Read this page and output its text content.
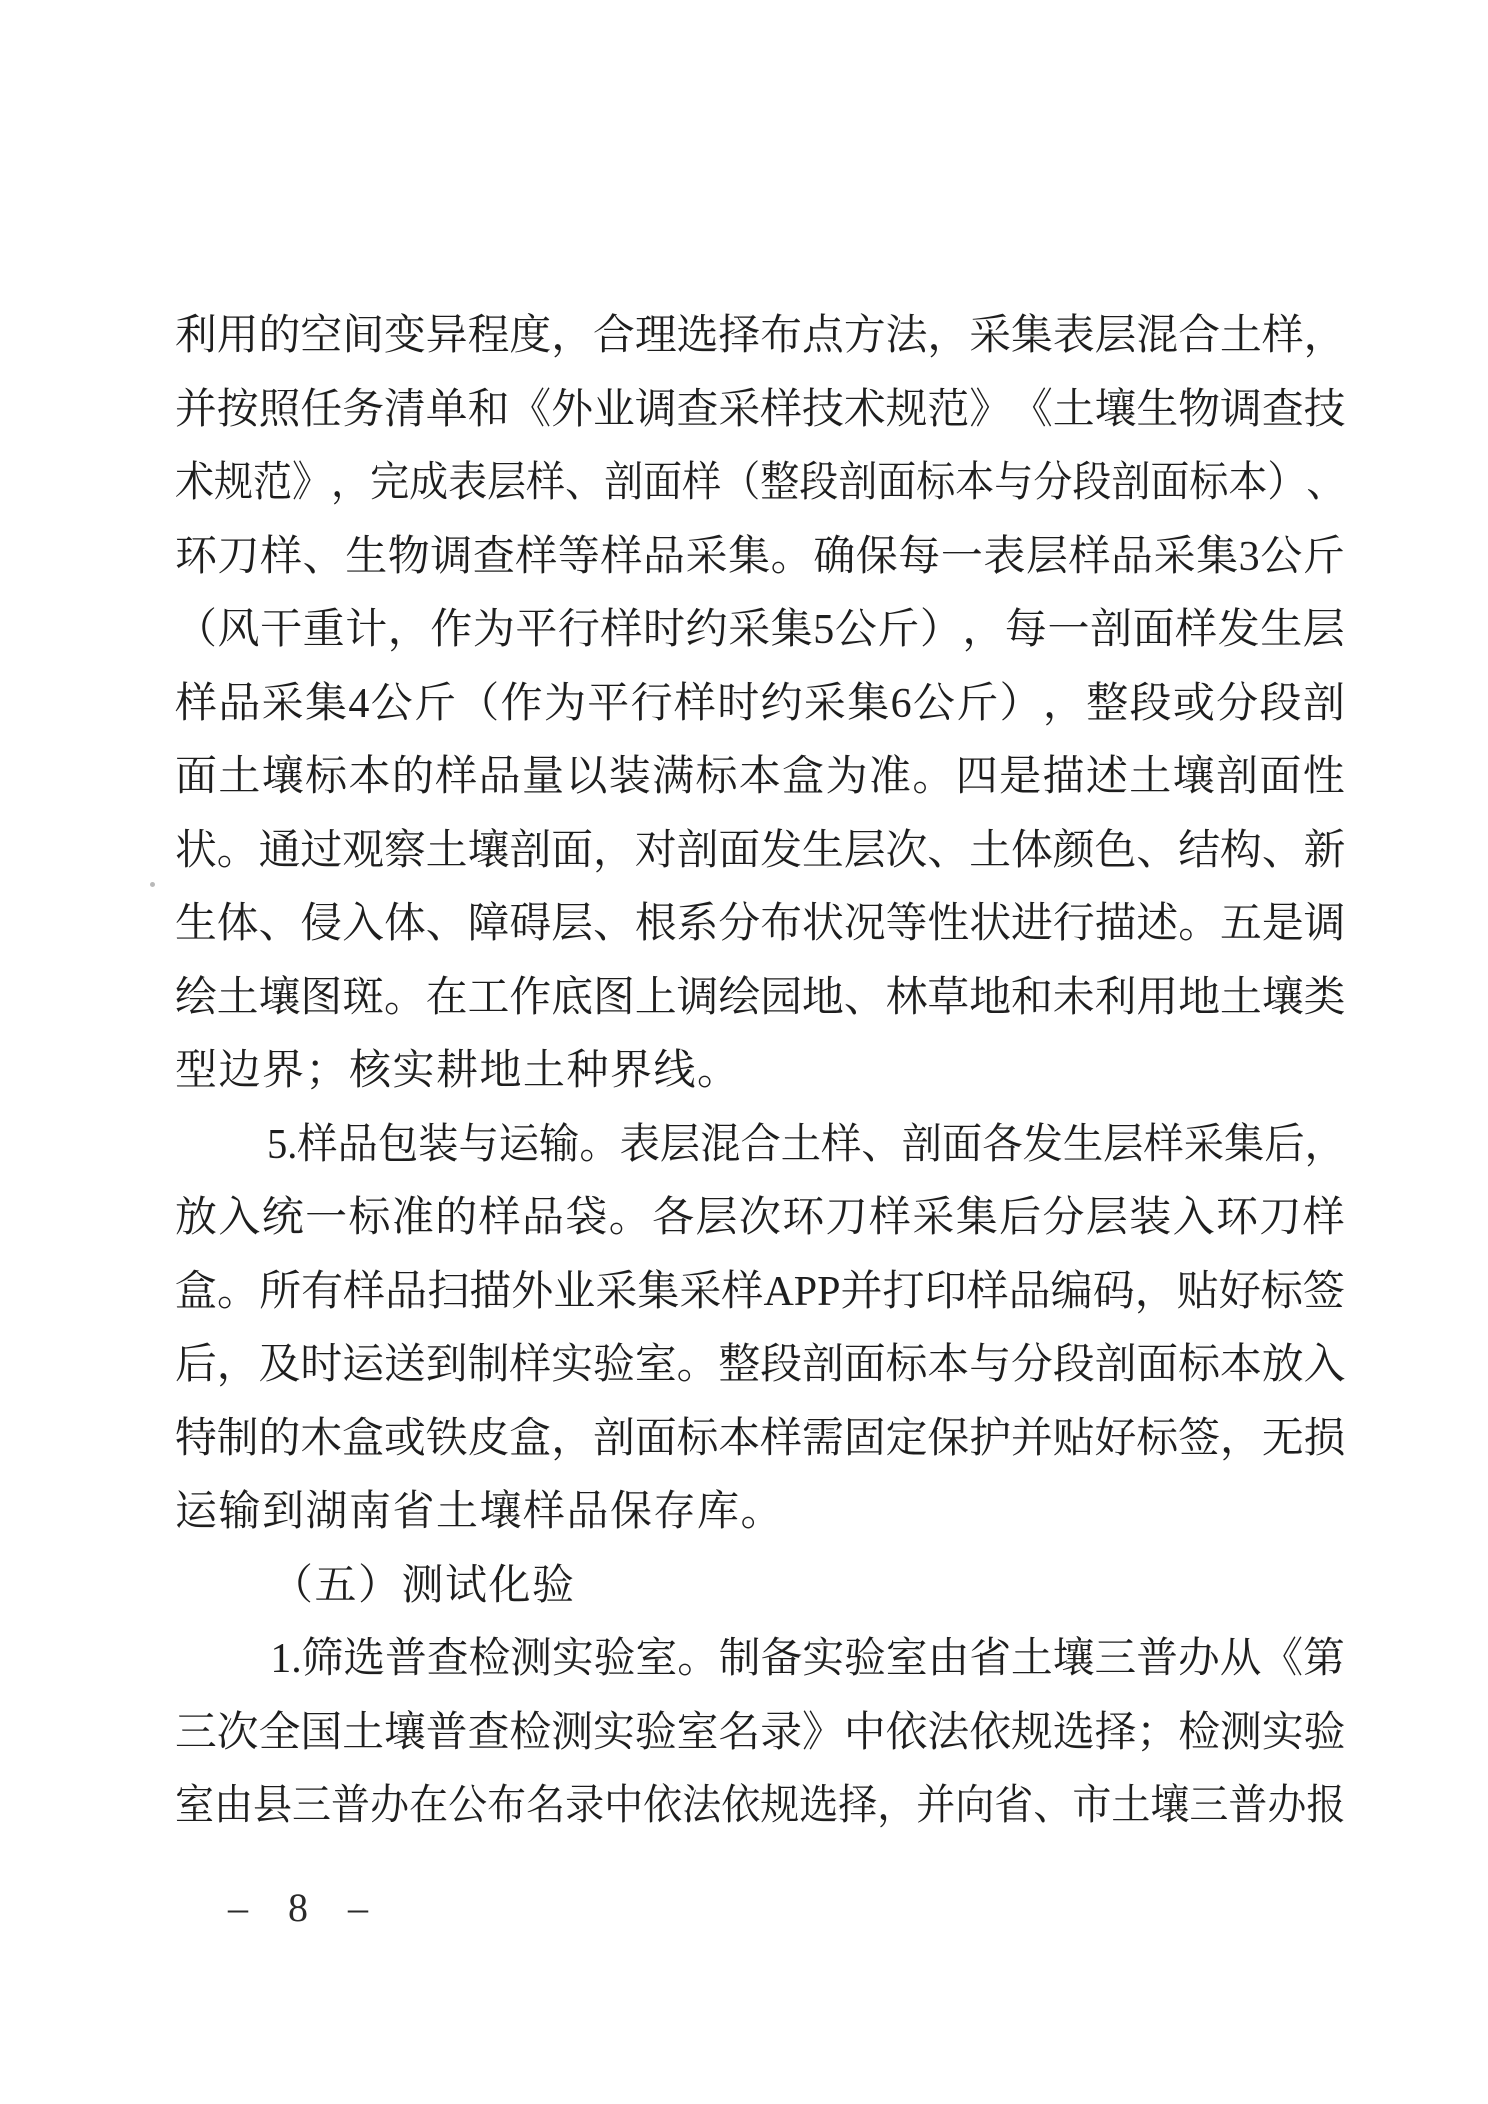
利 用 的 空 间 变 异 程 度 ， 合 理 选 择 布 点 方 法 ， 采 集 表 层 混 合 土 样 ，
并 按 照 任 务 清 单 和 《 外 业 调 查 采 样 技 术 规 范 》 《 土 壤 生 物 调 查 技
术 规 范 》 ， 完 成 表 层 样 、 剖 面 样 （ 整 段 剖 面 标 本 与 分 段 剖 面 标 本 ） 、
环 刀 样 、 生 物 调 查 样 等 样 品 采 集 。 确 保 每 一 表 层 样 品 采 集 3 公 斤
（ 风 干 重 计 ， 作 为 平 行 样 时 约 采 集 5 公 斤 ） ， 每 一 剖 面 样 发 生 层
样 品 采 集 4 公 斤 （ 作 为 平 行 样 时 约 采 集 6 公 斤 ） ， 整 段 或 分 段 剖
面 土 壤 标 本 的 样 品 量 以 装 满 标 本 盒 为 准 。 四 是 描 述 土 壤 剖 面 性
状 。 通 过 观 察 土 壤 剖 面 ， 对 剖 面 发 生 层 次 、 土 体 颜 色 、 结 构 、 新
生 体 、 侵 入 体 、 障 碍 层 、 根 系 分 布 状 况 等 性 状 进 行 描 述 。 五 是 调
绘 土 壤 图 斑 。 在 工 作 底 图 上 调 绘 园 地 、 林 草 地 和 未 利 用 地 土 壤 类
型边界；核实耕地土种界线。
5. 样 品 包 装 与 运 输 。 表 层 混 合 土 样 、 剖 面 各 发 生 层 样 采 集 后 ，
放 入 统 一 标 准 的 样 品 袋 。 各 层 次 环 刀 样 采 集 后 分 层 装 入 环 刀 样
盒 。 所 有 样 品 扫 描 外 业 采 集 采 样 APP 并 打 印 样 品 编 码 ， 贴 好 标 签
后 ， 及 时 运 送 到 制 样 实 验 室 。 整 段 剖 面 标 本 与 分 段 剖 面 标 本 放 入
特 制 的 木 盒 或 铁 皮 盒 ， 剖 面 标 本 样 需 固 定 保 护 并 贴 好 标 签 ， 无 损
运输到湖南省土壤样品保存库。
（五）测试化验
1. 筛 选 普 查 检 测 实 验 室 。 制 备 实 验 室 由 省 土 壤 三 普 办 从 《 第
三 次 全 国 土 壤 普 查 检 测 实 验 室 名 录 》 中 依 法 依 规 选 择 ； 检 测 实 验
室 由 县 三 普 办 在 公 布 名 录 中 依 法 依 规 选 择 ， 并 向 省 、 市 土 壤 三 普 办 报
– 8 –
